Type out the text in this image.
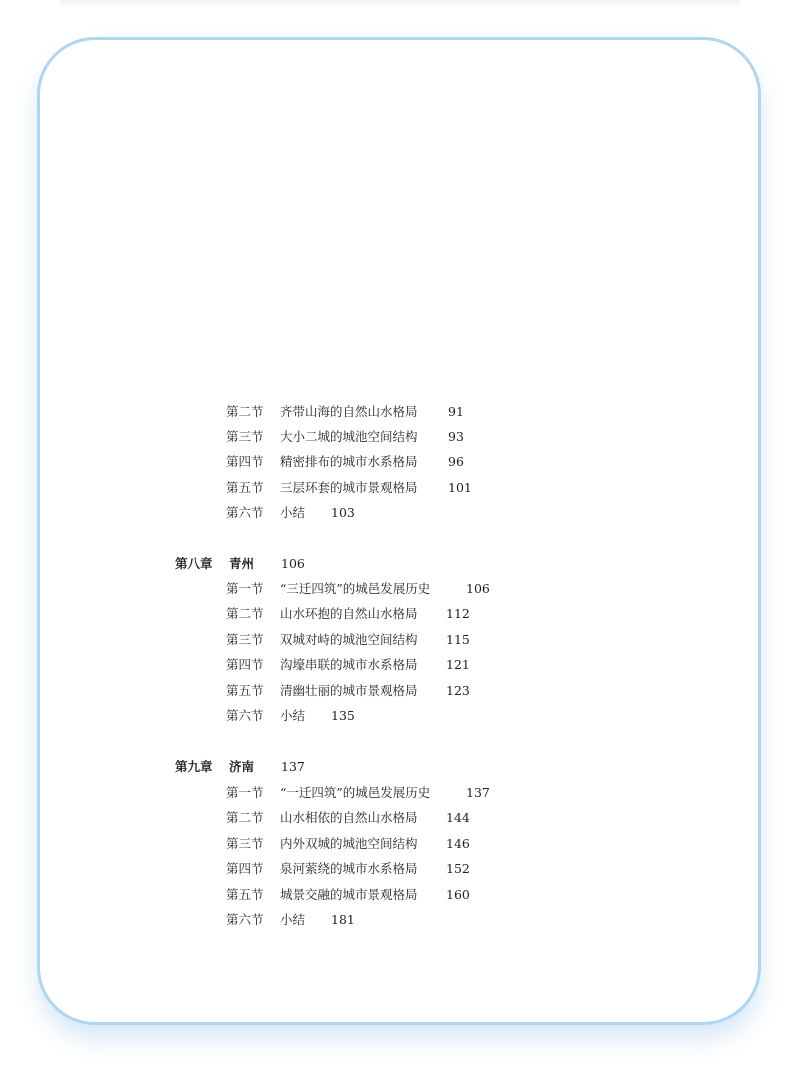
第二节 齐带山海的自然山水格局 91
第三节 大小二城的城池空间结构 93
第四节 精密排布的城市水系格局 96
第五节 三层环套的城市景观格局 101
第六节 小结 103
第八章 青州 106
第一节 “三迁四筑”的城邑发展历史	106
第二节 山水环抱的自然山水格局 112
第三节 双城对峙的城池空间结构 115
第四节 沟壕串联的城市水系格局 121
第五节 清幽壮丽的城市景观格局 123
第六节 小结 135
第九章 济南 137
第一节 “一迁四筑”的城邑发展历史	137
第二节 山水相依的自然山水格局 144
第三节 内外双城的城池空间结构 146
第四节 泉河萦绕的城市水系格局 152
第五节 城景交融的城市景观格局 160
第六节 小结 181
